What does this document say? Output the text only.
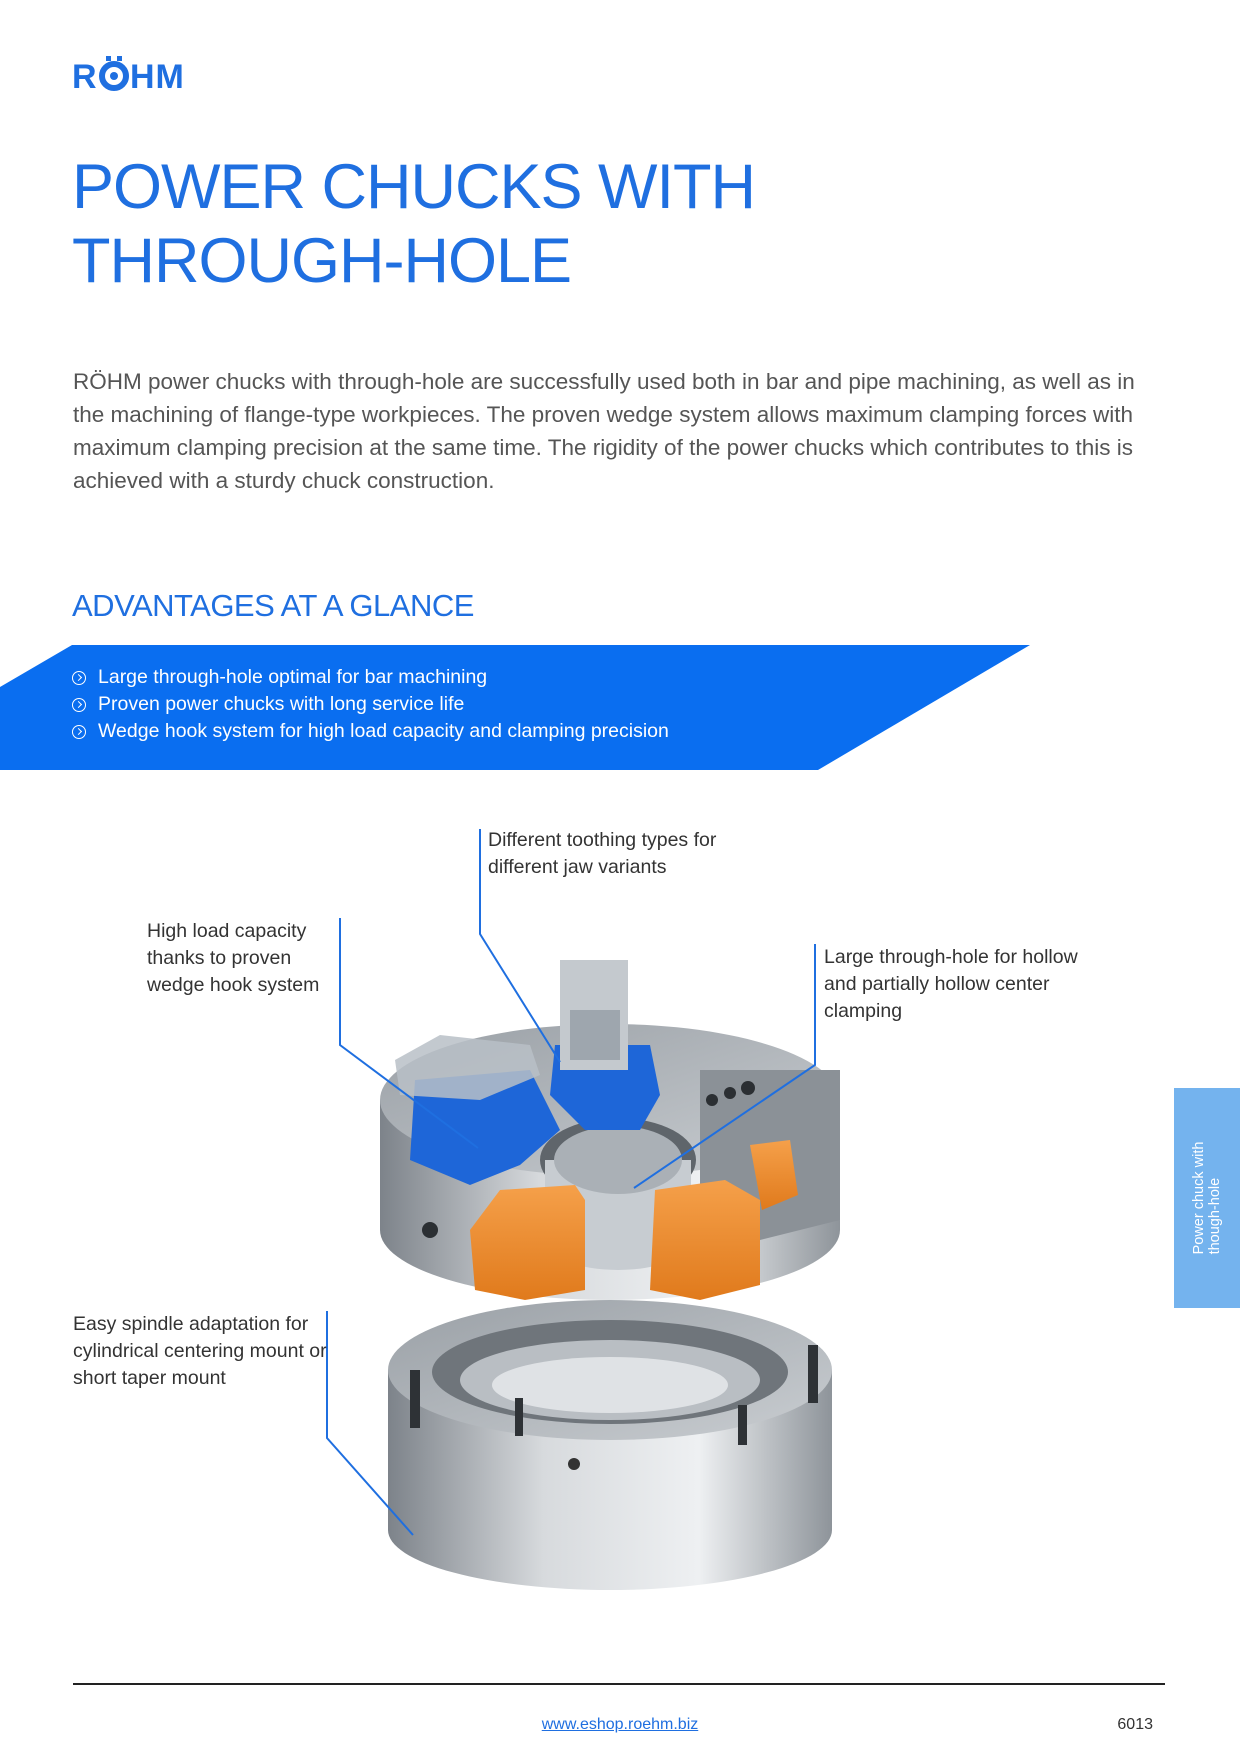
R HM
POWER CHUCKS WITH
THROUGH-HOLE

RÖHM power chucks with through-hole are successfully used both in bar and pipe machining, as well as in the machining of flange-type workpieces. The proven wedge system allows maximum clamping forces with maximum clamping precision at the same time. The rigidity of the power chucks which contributes to this is achieved with a sturdy chuck construction.

ADVANTAGES AT A GLANCE
Large through-hole optimal for bar machining
Proven power chucks with long service life
Wedge hook system for high load capacity and clamping precision

Different toothing types for different jaw variants

High load capacity thanks to proven wedge hook system

Large through-hole for hollow and partially hollow center clamping

Easy spindle adaptation for cylindrical centering mount or short taper mount

Power chuck with though-hole
www.eshop.roehm.biz	6013
